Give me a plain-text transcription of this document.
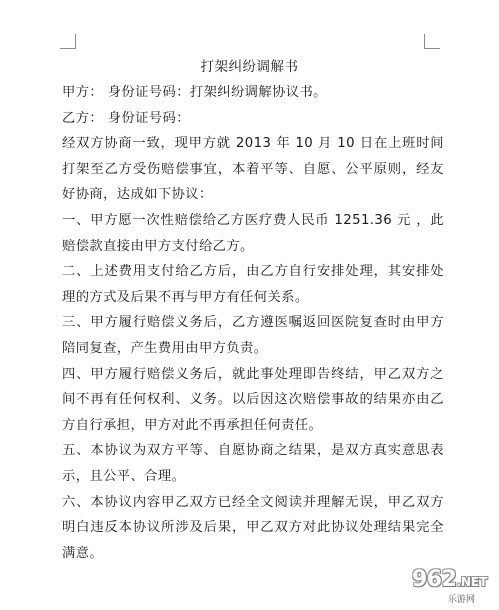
打架纠纷调解书

甲方： 身份证号码：打架纠纷调解协议书。

乙方： 身份证号码：

经双方协商一致，现甲方就 2013 年 10 月 10 日在上班时间打架至乙方受伤赔偿事宜，本着平等、自愿、公平原则，经友好协商，达成如下协议：

一、甲方愿一次性赔偿给乙方医疗费人民币 1251.36 元 ，此赔偿款直接由甲方支付给乙方。

二、上述费用支付给乙方后，由乙方自行安排处理，其安排处理的方式及后果不再与甲方有任何关系。

三、甲方履行赔偿义务后，乙方遵医嘱返回医院复查时由甲方陪同复查，产生费用由甲方负责。

四、甲方履行赔偿义务后，就此事处理即告终结，甲乙双方之间不再有任何权利、义务。以后因这次赔偿事故的结果亦由乙方自行承担，甲方对此不再承担任何责任。

五、本协议为双方平等、自愿协商之结果，是双方真实意思表示，且公平、合理。

六、本协议内容甲乙双方已经全文阅读并理解无误，甲乙双方明白违反本协议所涉及后果，甲乙双方对此协议处理结果完全满意。

962.NET
乐游网
